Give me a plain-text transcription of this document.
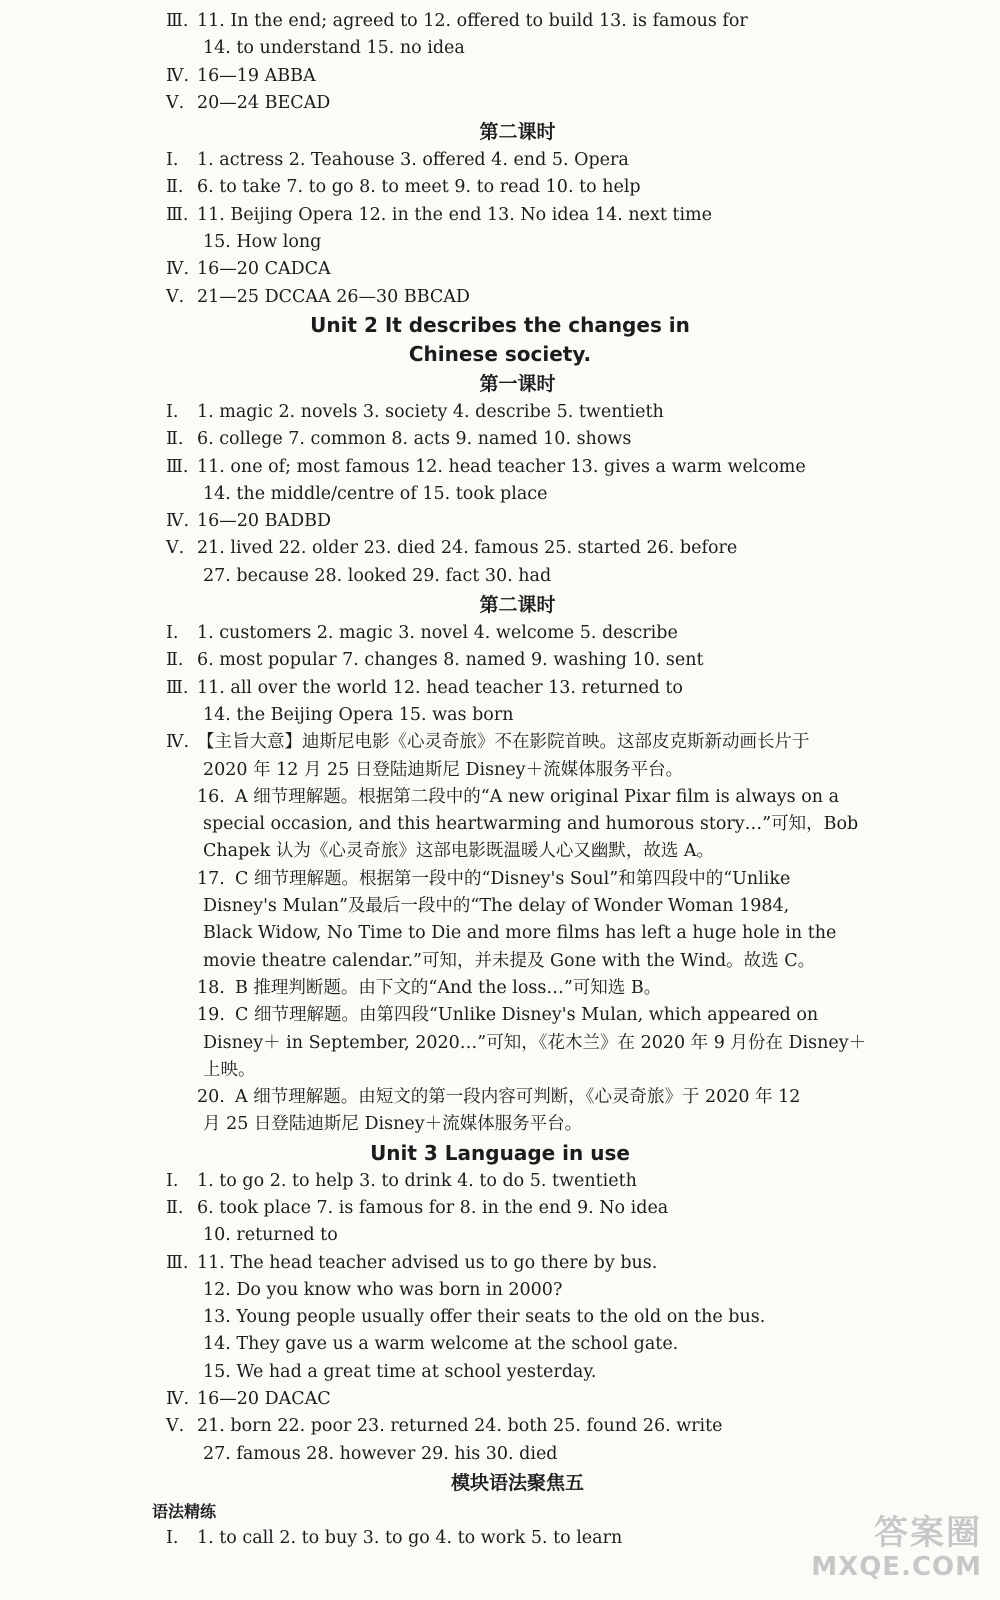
Ⅲ. 11. In the end; agreed to 12. offered to build 13. is famous for
14. to understand 15. no idea
Ⅳ. 16—19 ABBA
Ⅴ. 20—24 BECAD
第二课时
Ⅰ. 1. actress 2. Teahouse 3. offered 4. end 5. Opera
Ⅱ. 6. to take 7. to go 8. to meet 9. to read 10. to help
Ⅲ. 11. Beijing Opera 12. in the end 13. No idea 14. next time
15. How long
Ⅳ. 16—20 CADCA
Ⅴ. 21—25 DCCAA 26—30 BBCAD
Unit 2 It describes the changes in
Chinese society.
第一课时
Ⅰ. 1. magic 2. novels 3. society 4. describe 5. twentieth
Ⅱ. 6. college 7. common 8. acts 9. named 10. shows
Ⅲ. 11. one of; most famous 12. head teacher 13. gives a warm welcome
14. the middle/centre of 15. took place
Ⅳ. 16—20 BADBD
Ⅴ. 21. lived 22. older 23. died 24. famous 25. started 26. before
27. because 28. looked 29. fact 30. had
第二课时
Ⅰ. 1. customers 2. magic 3. novel 4. welcome 5. describe
Ⅱ. 6. most popular 7. changes 8. named 9. washing 10. sent
Ⅲ. 11. all over the world 12. head teacher 13. returned to
14. the Beijing Opera 15. was born
Ⅳ. 【主旨大意】迪斯尼电影《心灵奇旅》不在影院首映。这部皮克斯新动画长片于
2020 年 12 月 25 日登陆迪斯尼 Disney＋流媒体服务平台。
16. A 细节理解题。根据第二段中的“A new original Pixar film is always on a
special occasion, and this heartwarming and humorous story…”可知，Bob
Chapek 认为《心灵奇旅》这部电影既温暖人心又幽默，故选 A。
17. C 细节理解题。根据第一段中的“Disney's Soul”和第四段中的“Unlike
Disney's Mulan”及最后一段中的“The delay of Wonder Woman 1984,
Black Widow, No Time to Die and more films has left a huge hole in the
movie theatre calendar.”可知，并未提及 Gone with the Wind。故选 C。
18. B 推理判断题。由下文的“And the loss…”可知选 B。
19. C 细节理解题。由第四段“Unlike Disney's Mulan, which appeared on
Disney＋ in September, 2020…”可知，《花木兰》在 2020 年 9 月份在 Disney＋
上映。
20. A 细节理解题。由短文的第一段内容可判断，《心灵奇旅》于 2020 年 12
月 25 日登陆迪斯尼 Disney＋流媒体服务平台。
Unit 3 Language in use
Ⅰ. 1. to go 2. to help 3. to drink 4. to do 5. twentieth
Ⅱ. 6. took place 7. is famous for 8. in the end 9. No idea
10. returned to
Ⅲ. 11. The head teacher advised us to go there by bus.
12. Do you know who was born in 2000?
13. Young people usually offer their seats to the old on the bus.
14. They gave us a warm welcome at the school gate.
15. We had a great time at school yesterday.
Ⅳ. 16—20 DACAC
Ⅴ. 21. born 22. poor 23. returned 24. both 25. found 26. write
27. famous 28. however 29. his 30. died
模块语法聚焦五
语法精练
Ⅰ. 1. to call 2. to buy 3. to go 4. to work 5. to learn	答案圈
MXQE.COM
